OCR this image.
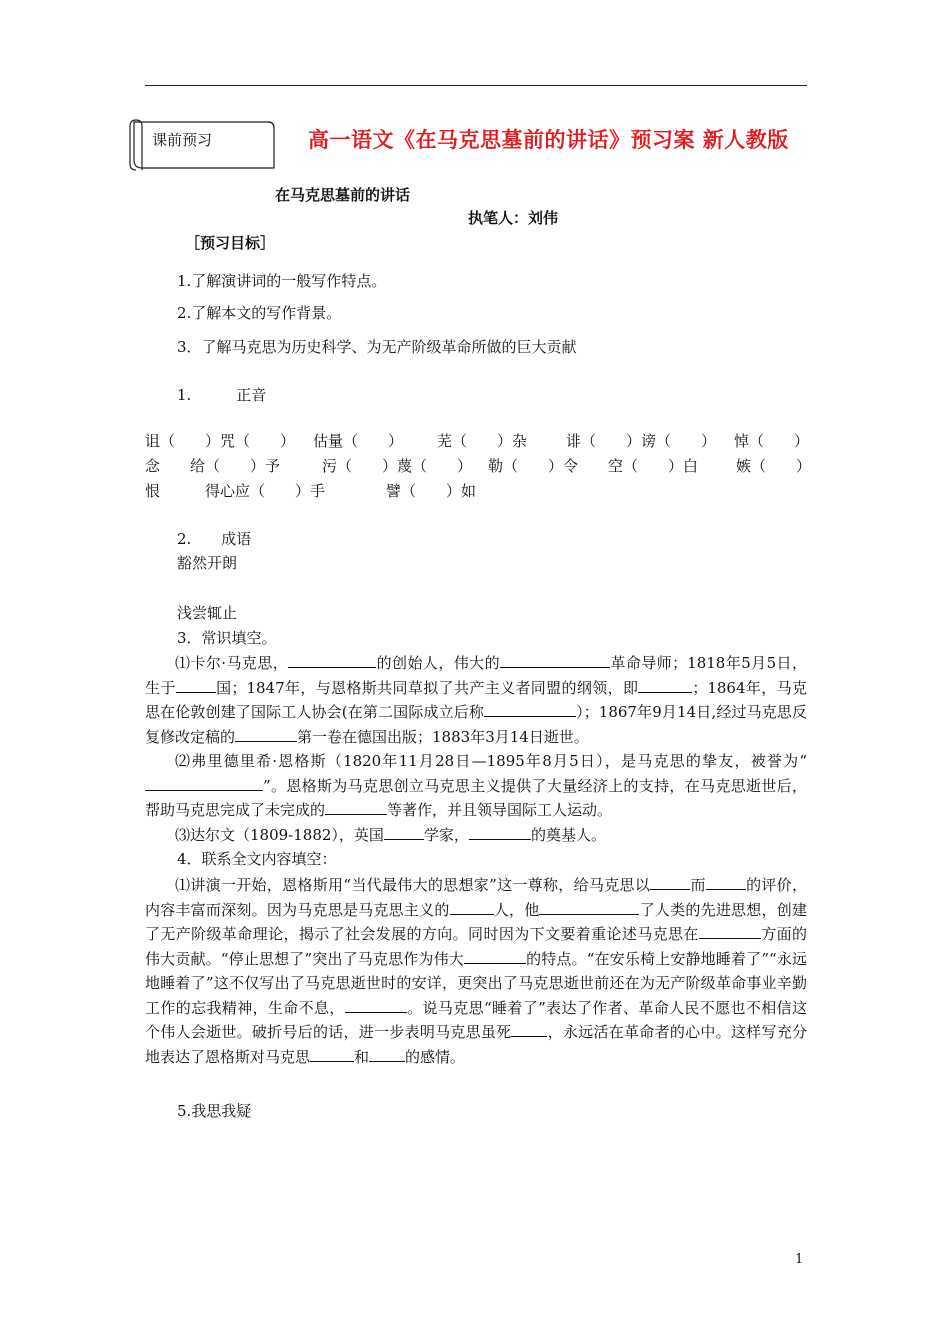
课前预习	高一语文《在马克思墓前的讲话》预习案 新人教版
在马克思墓前的讲话
执笔人：刘伟
［预习目标］
1.了解演讲词的一般写作特点。
2.了解本文的写作背景。
3．了解马克思为历史科学、为无产阶级革命所做的巨大贡献
1.　　　正音
诅（　　）咒（　　） 估量（　　） 芜（　　）杂	诽（　　）谤（　　） 悼（　　）
念　　给（　　）予	污（　　）蔑（　　） 勒（　　）令 空（　　）白	嫉（　　）
恨　　　得心应（　　）手	譬（　　）如
2.　　成语
豁然开朗
浅尝辄止
3．常识填空。
⑴卡尔·马克思，	的创始人，伟大的	革命导师；1818年5月5日，生于	国；1847年，与恩格斯共同草拟了共产主义者同盟的纲领，即	；1864年，马克思在伦敦创建了国际工人协会(在第二国际成立后称	）；1867年9月14日,经过马克思反复修改定稿的	第一卷在德国出版；1883年3月14日逝世。
⑵弗里德里希·恩格斯（1820年11月28日—1895年8月5日），是马克思的挚友，被誉为“”。恩格斯为马克思创立马克思主义提供了大量经济上的支持，在马克思逝世后，帮助马克思完成了未完成的	等著作，并且领导国际工人运动。
⑶达尔文（1809-1882），英国	学家，	的奠基人。
4．联系全文内容填空：
⑴讲演一开始，恩格斯用“当代最伟大的思想家”这一尊称，给马克思以	而	的评价，内容丰富而深刻。因为马克思是马克思主义的	人，他	了人类的先进思想，创建了无产阶级革命理论，揭示了社会发展的方向。同时因为下文要着重论述马克思在	方面的伟大贡献。“停止思想了”突出了马克思作为伟大	的特点。“在安乐椅上安静地睡着了”“永远地睡着了”这不仅写出了马克思逝世时的安详，更突出了马克思逝世前还在为无产阶级革命事业辛勤工作的忘我精神，生命不息，	。说马克思“睡着了”表达了作者、革命人民不愿也不相信这个伟人会逝世。破折号后的话，进一步表明马克思虽死 ，永远活在革命者的心中。这样写充分地表达了恩格斯对马克思	和 的感情。
5.我思我疑
1
